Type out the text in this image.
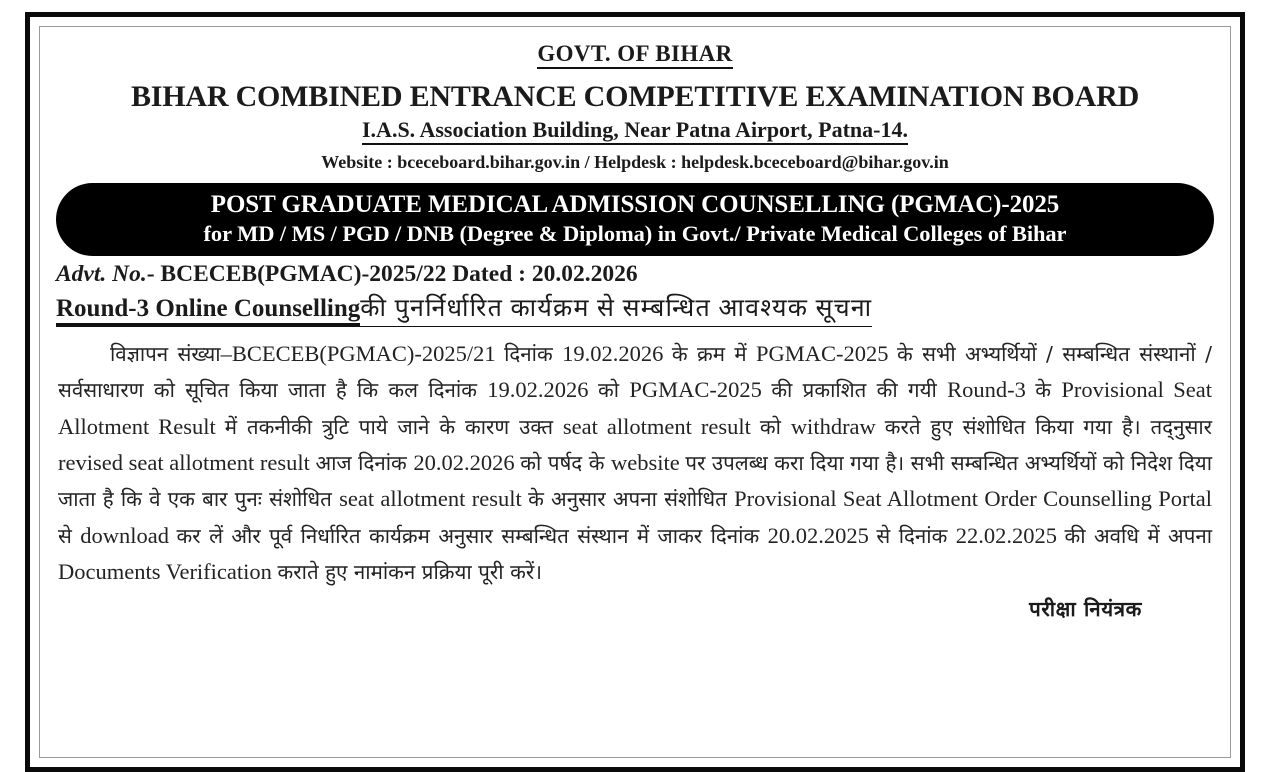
GOVT. OF BIHAR
BIHAR COMBINED ENTRANCE COMPETITIVE EXAMINATION BOARD
I.A.S. Association Building, Near Patna Airport, Patna-14.
Website : bceceboard.bihar.gov.in / Helpdesk : helpdesk.bceceboard@bihar.gov.in
POST GRADUATE MEDICAL ADMISSION COUNSELLING (PGMAC)-2025
for MD / MS / PGD / DNB (Degree & Diploma) in Govt./ Private Medical Colleges of Bihar
Advt. No.- BCECEB(PGMAC)-2025/22 Dated : 20.02.2026
Round-3 Online Counsellingकी पुनर्निर्धारित कार्यक्रम से सम्बन्धित आवश्यक सूचना
विज्ञापन संख्या–BCECEB(PGMAC)-2025/21 दिनांक 19.02.2026 के क्रम में PGMAC-2025 के सभी अभ्यर्थियों / सम्बन्धित संस्थानों / सर्वसाधारण को सूचित किया जाता है कि कल दिनांक 19.02.2026 को PGMAC-2025 की प्रकाशित की गयी Round-3 के Provisional Seat Allotment Result में तकनीकी त्रुटि पाये जाने के कारण उक्त seat allotment result को withdraw करते हुए संशोधित किया गया है। तद्नुसार revised seat allotment result आज दिनांक 20.02.2026 को पर्षद के website पर उपलब्ध करा दिया गया है। सभी सम्बन्धित अभ्यर्थियों को निदेश दिया जाता है कि वे एक बार पुनः संशोधित seat allotment result के अनुसार अपना संशोधित Provisional Seat Allotment Order Counselling Portal से download कर लें और पूर्व निर्धारित कार्यक्रम अनुसार सम्बन्धित संस्थान में जाकर दिनांक 20.02.2025 से दिनांक 22.02.2025 की अवधि में अपना Documents Verification कराते हुए नामांकन प्रक्रिया पूरी करें।
परीक्षा नियंत्रक
